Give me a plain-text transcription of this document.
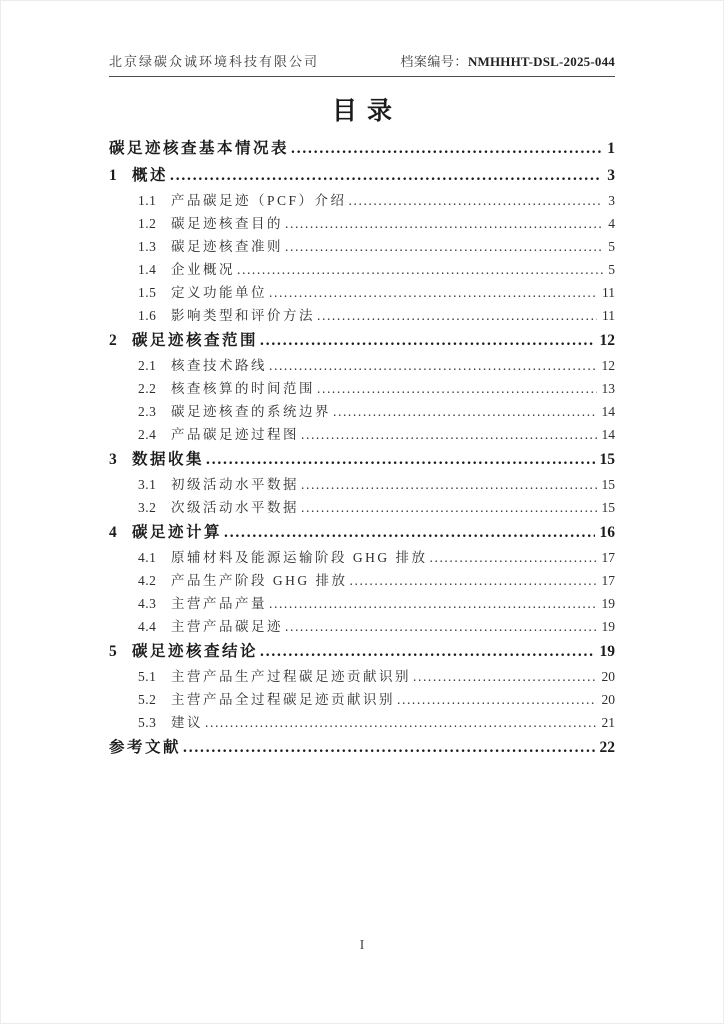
北京绿碳众诚环境科技有限公司	档案编号：NMHHHT-DSL-2025-044
目录
碳足迹核查基本情况表 .....	1
1 概述 .....	3
1.1	产品碳足迹（PCF）介绍 .....	3
1.2	碳足迹核查目的 .....	4
1.3	碳足迹核查准则 .....	5
1.4	企业概况 .....	5
1.5	定义功能单位 .....	11
1.6	影响类型和评价方法 .....	11
2 碳足迹核查范围 .....	12
2.1	核查技术路线 .....	12
2.2	核查核算的时间范围 .....	13
2.3	碳足迹核查的系统边界 .....	14
2.4	产品碳足迹过程图 .....	14
3 数据收集 .....	15
3.1	初级活动水平数据 .....	15
3.2	次级活动水平数据 .....	15
4 碳足迹计算 .....	16
4.1	原辅材料及能源运输阶段 GHG 排放 .....	17
4.2	产品生产阶段 GHG 排放 .....	17
4.3	主营产品产量 .....	19
4.4	主营产品碳足迹 .....	19
5 碳足迹核查结论 .....	19
5.1	主营产品生产过程碳足迹贡献识别 .....	20
5.2	主营产品全过程碳足迹贡献识别 .....	20
5.3	建议 .....	21
参考文献 .....	22
I
